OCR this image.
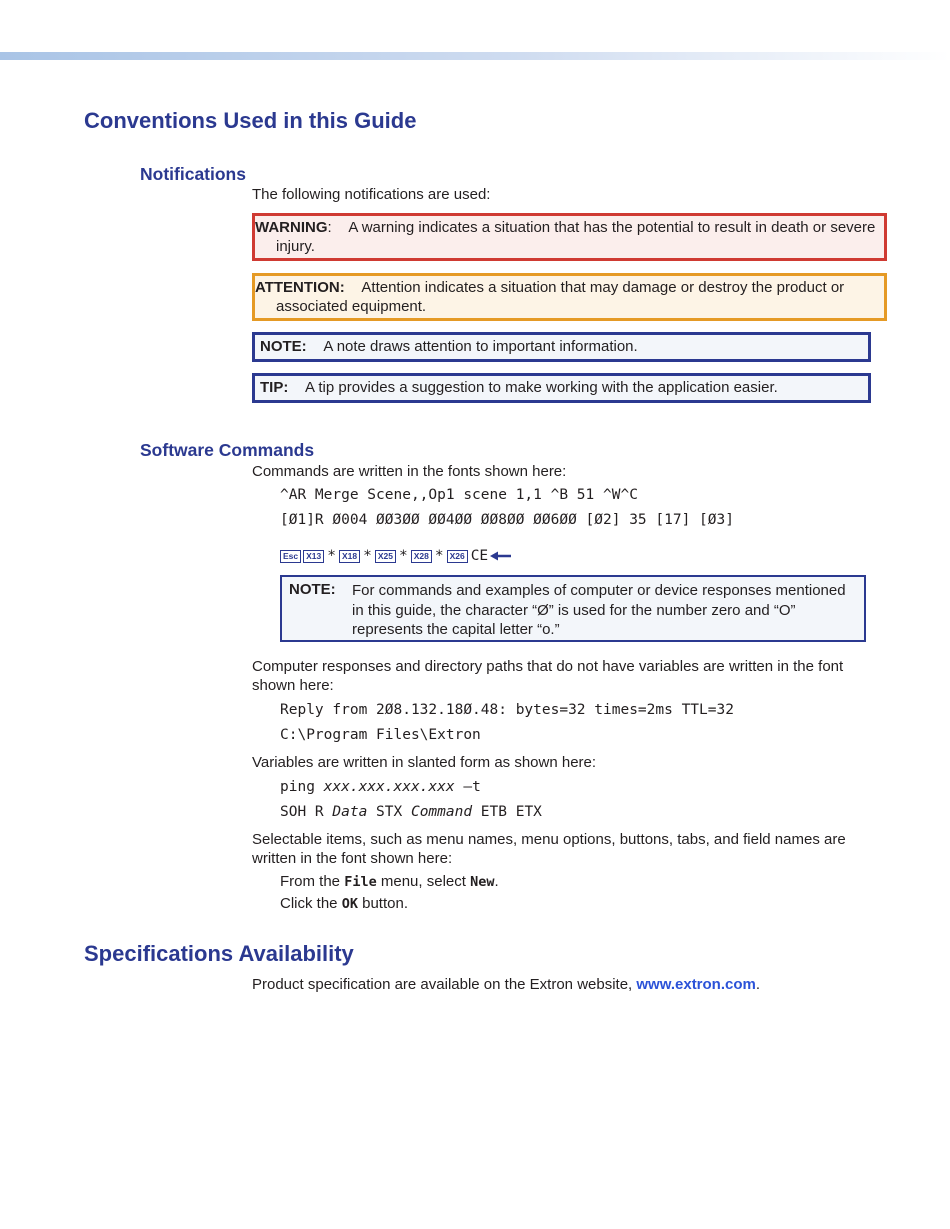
Conventions Used in this Guide
Notifications

The following notifications are used:

WARNING: A warning indicates a situation that has the potential to result in death or severe injury.
ATTENTION: Attention indicates a situation that may damage or destroy the product or associated equipment.
NOTE: A note draws attention to important information.
TIP: A tip provides a suggestion to make working with the application easier.
Software Commands

Commands are written in the fonts shown here:

^AR Merge Scene,,Op1 scene 1,1 ^B 51 ^W^C

[Ø1]R Ø004 ØØ3ØØ ØØ4ØØ ØØ8ØØ ØØ6ØØ [Ø2] 35 [17] [Ø3]

Esc X13 * X18 * X25 * X28 * X26 CE
NOTE: For commands and examples of computer or device responses mentioned in this guide, the character “Ø” is used for the number zero and “O” represents the capital letter “o.”

Computer responses and directory paths that do not have variables are written in the font shown here:

Reply from 2Ø8.132.18Ø.48: bytes=32 times=2ms TTL=32

C:\Program Files\Extron

Variables are written in slanted form as shown here:

ping xxx.xxx.xxx.xxx —t

SOH R Data STX Command ETB ETX

Selectable items, such as menu names, menu options, buttons, tabs, and field names are written in the font shown here:

From the File menu, select New.

Click the OK button.

Specifications Availability

Product specification are available on the Extron website, www.extron.com.
